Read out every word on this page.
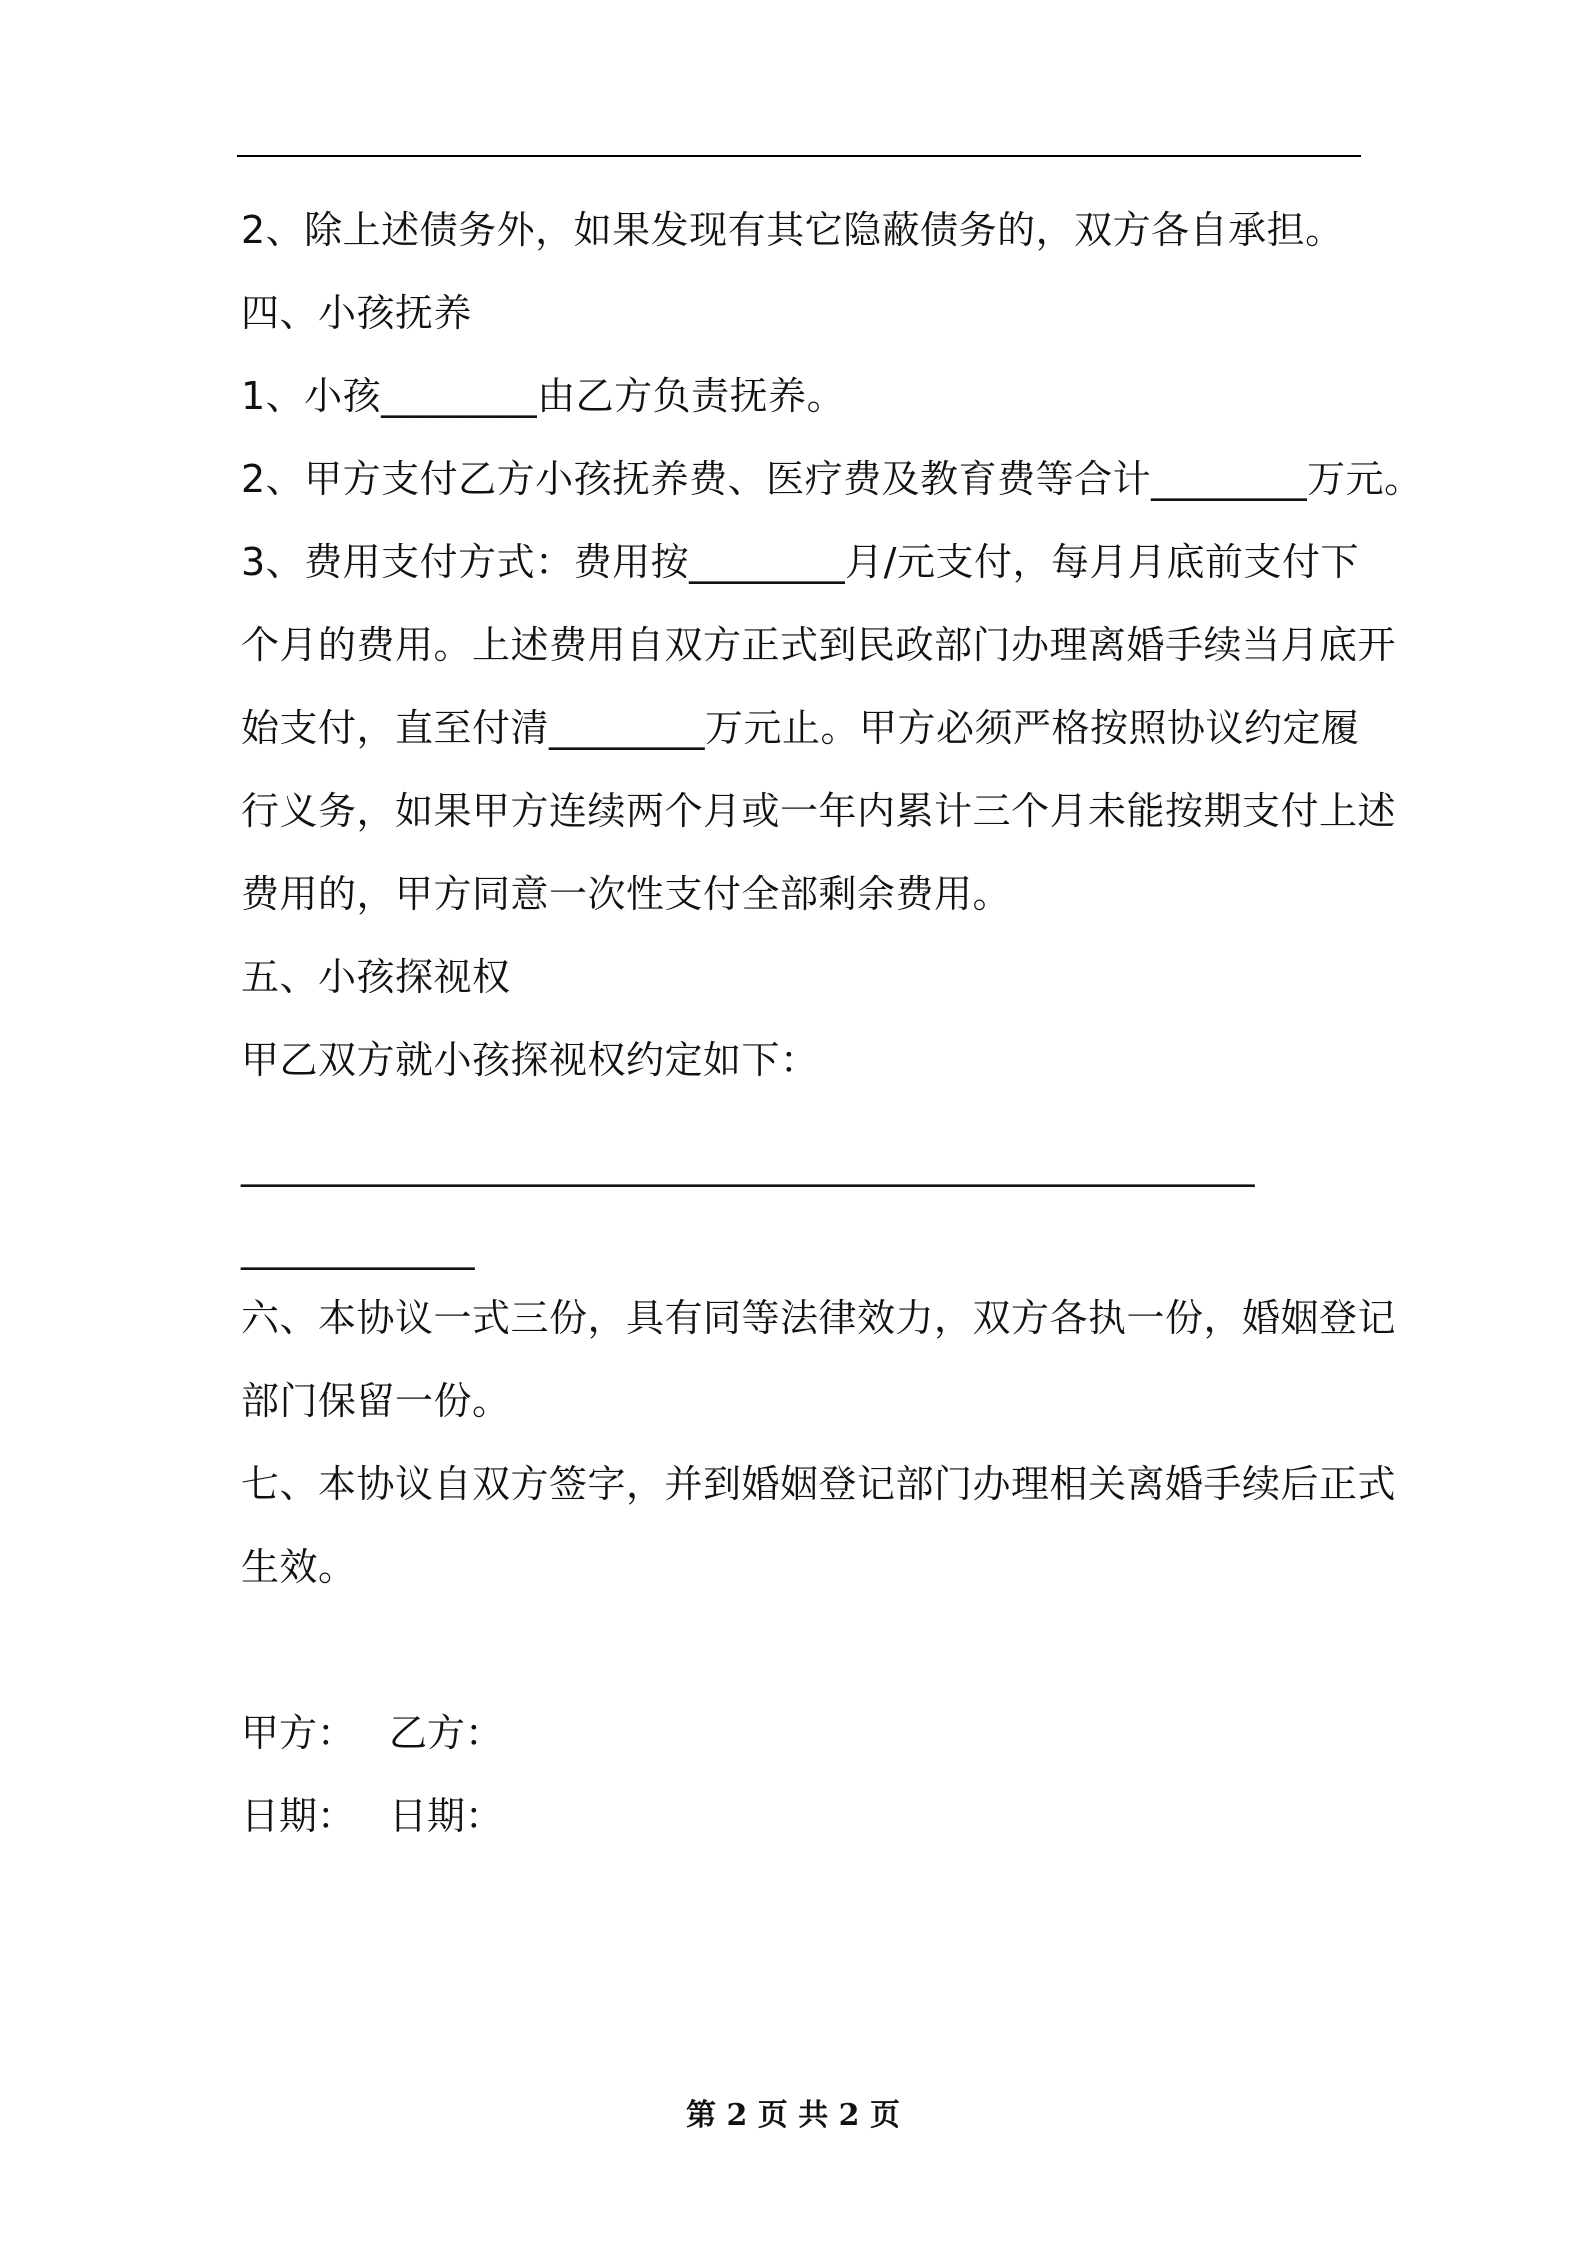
2、除上述债务外，如果发现有其它隐蔽债务的，双方各自承担。
四、小孩抚养
1、小孩________由乙方负责抚养。
2、甲方支付乙方小孩抚养费、医疗费及教育费等合计________万元。
3、费用支付方式：费用按________月/元支付，每月月底前支付下
个月的费用。上述费用自双方正式到民政部门办理离婚手续当月底开
始支付，直至付清________万元止。甲方必须严格按照协议约定履
行义务，如果甲方连续两个月或一年内累计三个月未能按期支付上述
费用的，甲方同意一次性支付全部剩余费用。
五、小孩探视权
甲乙双方就小孩探视权约定如下：
____________________________________________________
____________
六、本协议一式三份，具有同等法律效力，双方各执一份，婚姻登记
部门保留一份。
七、本协议自双方签字，并到婚姻登记部门办理相关离婚手续后正式
生效。
甲方： 乙方：
日期： 日期：
第 2 页 共 2 页
